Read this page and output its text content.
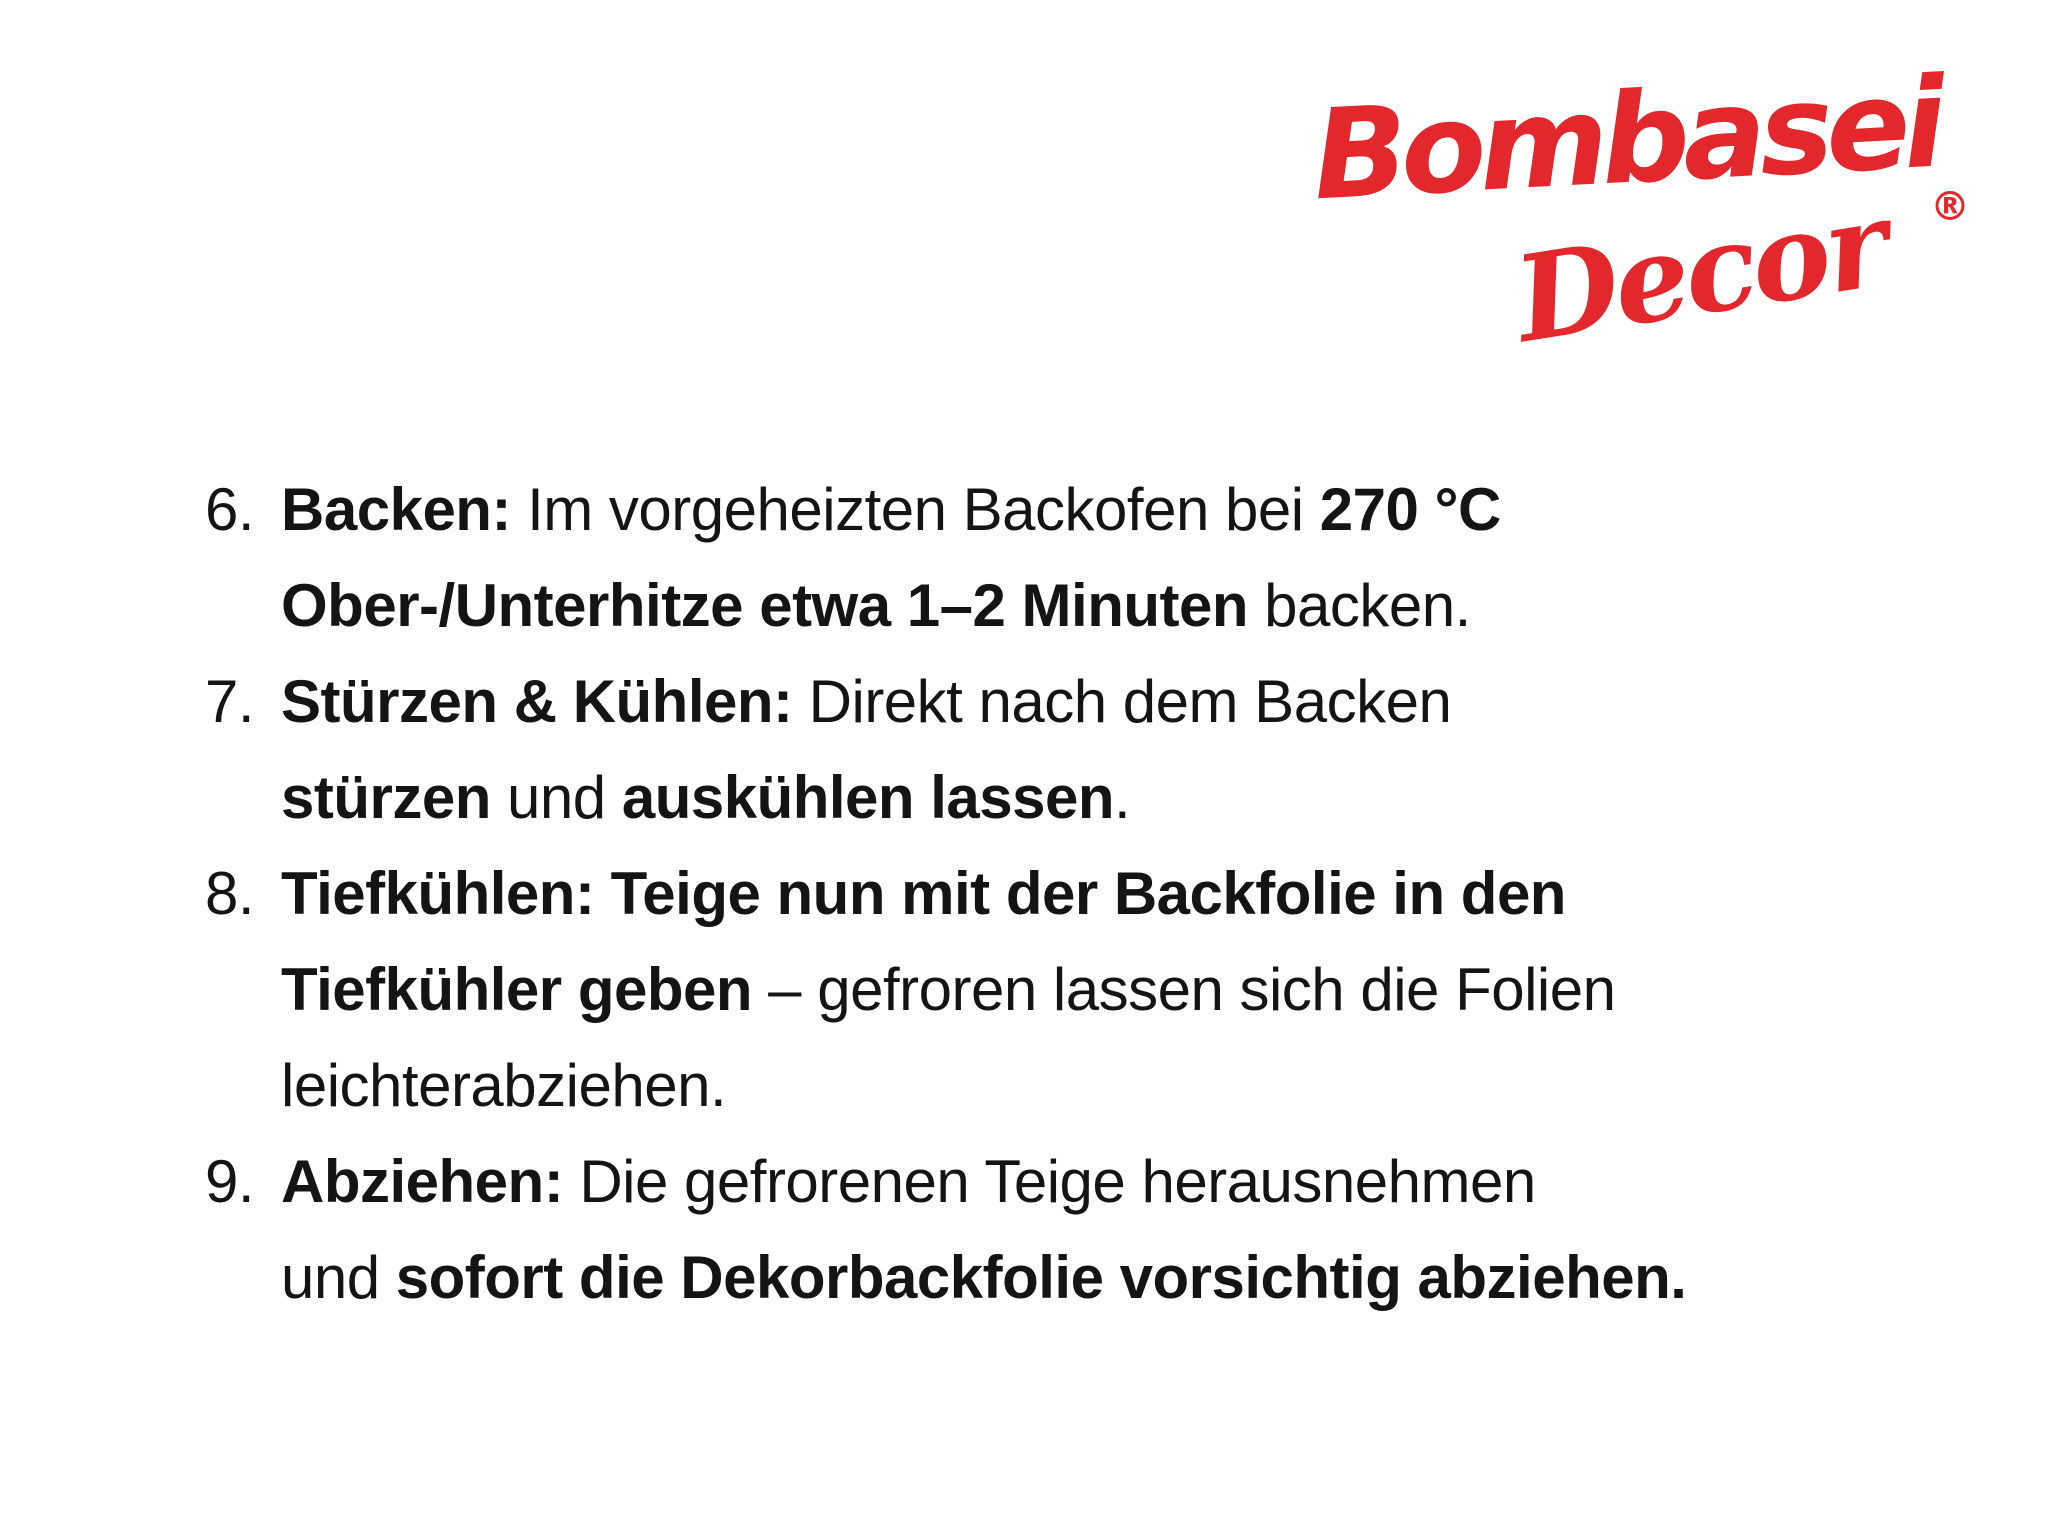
Bombasei
Decor ®
6. Backen: Im vorgeheizten Backofen bei 270 °C
Ober-/Unterhitze etwa 1–2 Minuten backen.
7. Stürzen & Kühlen: Direkt nach dem Backen
stürzen und auskühlen lassen.
8. Tiefkühlen: Teige nun mit der Backfolie in den
Tiefkühler geben – gefroren lassen sich die Folien
leichterabziehen.
9. Abziehen: Die gefrorenen Teige herausnehmen
und sofort die Dekorbackfolie vorsichtig abziehen.
